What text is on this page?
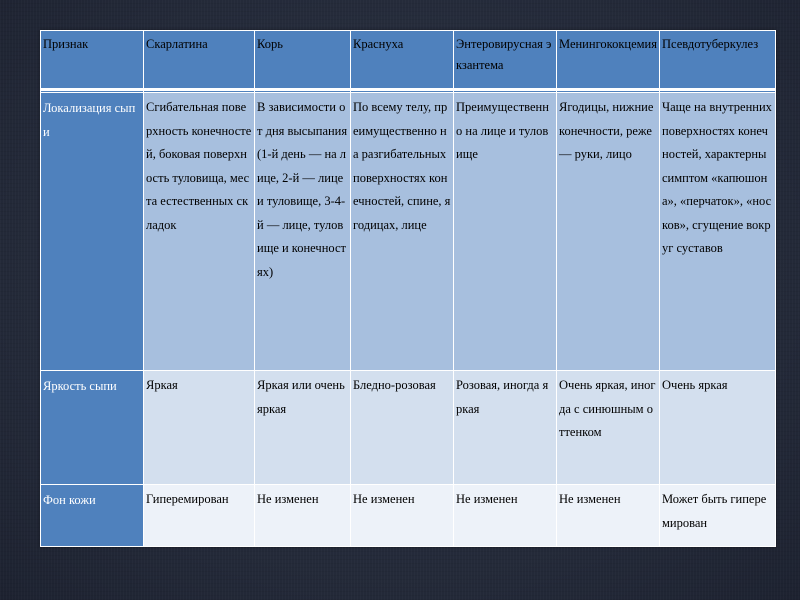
Признак	Скарлатина	Корь	Краснуха	Энтеровирусная экзантема	Менингококцемия	Псевдотуберкулез
Локализация сыпи	Сгибательная поверхность конечностей, боковая поверхность туловища, места естественных складок	В зависимости от дня высыпания (1-й день — на лице, 2-й — лице и туловище, 3-4-й — лице, туловище и конечностях)	По всему телу, преимущественно на разгибательных поверхностях конечностей, спине, ягодицах, лице	Преимущественно на лице и туловище	Ягодицы, нижние конечности, реже — руки, лицо	Чаще на внутренних поверхностях конечностей, характерны симптом «капюшона», «перчаток», «носков», сгущение вокруг суставов
Яркость сыпи	Яркая	Яркая или очень яркая	Бледно-розовая	Розовая, иногда яркая	Очень яркая, иногда с синюшным оттенком	Очень яркая
Фон кожи	Гиперемирован	Не изменен	Не изменен	Не изменен	Не изменен	Может быть гиперемирован
